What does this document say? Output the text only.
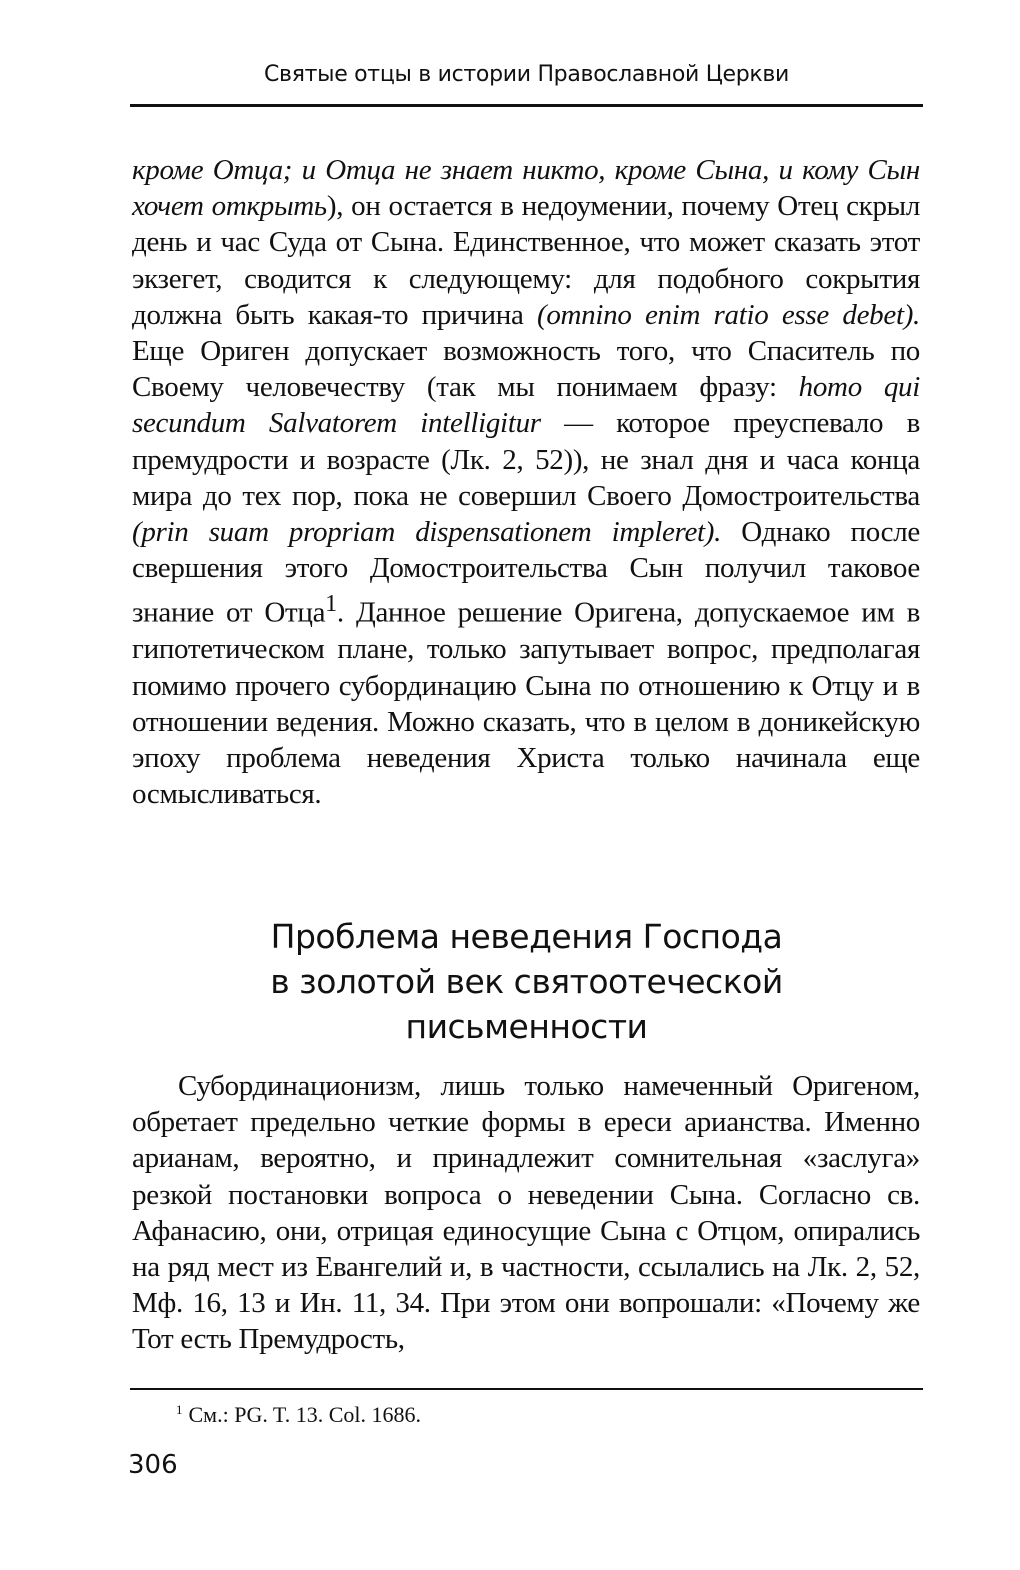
Святые отцы в истории Православной Церкви

кроме Отца; и Отца не знает никто, кроме Сына, и кому Сын хочет открыть), он остается в недоумении, почему Отец скрыл день и час Суда от Сына. Единственное, что может сказать этот экзегет, сводится к следующему: для подобного сокрытия должна быть какая-то причина (omnino enim ratio esse debet). Еще Ориген допускает возможность того, что Спаситель по Своему человечеству (так мы понимаем фразу: homo qui secundum Salvatorem intelligitur — которое преуспевало в премудрости и возрасте (Лк. 2, 52)), не знал дня и часа конца мира до тех пор, пока не совершил Своего Домостроительства (prin suam propriam dispensationem impleret). Однако после свершения этого Домостроительства Сын получил таковое знание от Отца$^1$. Данное решение Оригена, допускаемое им в гипотетическом плане, только запутывает вопрос, предполагая помимо прочего субординацию Сына по отношению к Отцу и в отношении ведения. Можно сказать, что в целом в доникейскую эпоху проблема неведения Христа только начинала еще осмысливаться.

Проблема неведения Господа
в золотой век святоотеческой
письменности

Субординационизм, лишь только намеченный Оригеном, обретает предельно четкие формы в ереси арианства. Именно арианам, вероятно, и принадлежит сомнительная «заслуга» резкой постановки вопроса о неведении Сына. Согласно св. Афанасию, они, отрицая единосущие Сына с Отцом, опирались на ряд мест из Евангелий и, в частности, ссылались на Лк. 2, 52, Мф. 16, 13 и Ин. 11, 34. При этом они вопрошали: «Почему же Тот есть Премудрость,

$^1$ См.: PG. T. 13. Col. 1686.
306
